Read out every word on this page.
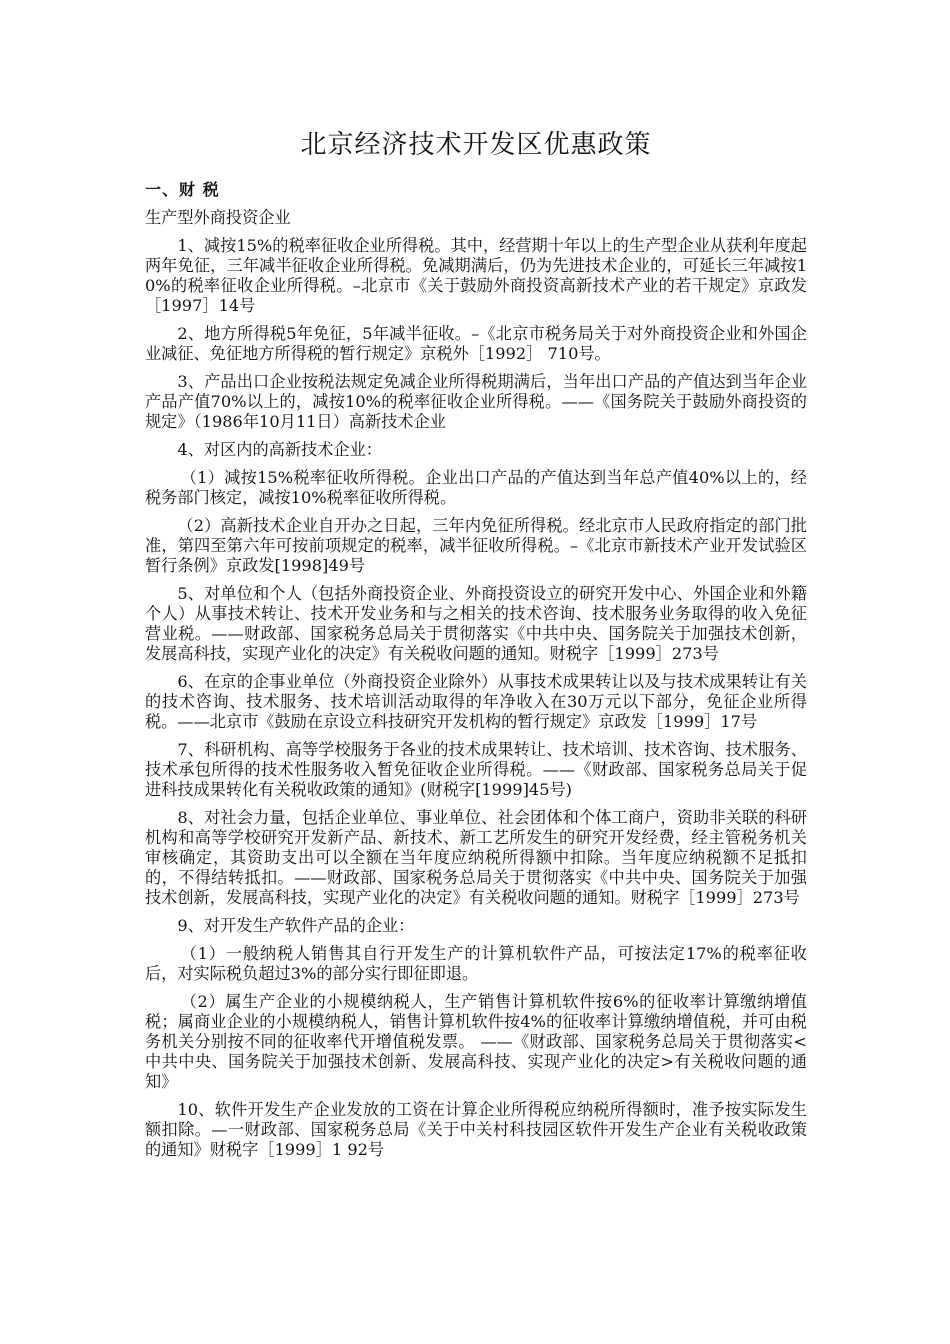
北京经济技术开发区优惠政策
一、财 税
生产型外商投资企业

1、减按15%的税率征收企业所得税。其中，经营期十年以上的生产型企业从获利年度起两年免征，三年减半征收企业所得税。免减期满后，仍为先进技术企业的，可延长三年减按10%的税率征收企业所得税。–北京市《关于鼓励外商投资高新技术产业的若干规定》京政发［1997］14号

2、地方所得税5年免征，5年减半征收。–《北京市税务局关于对外商投资企业和外国企业减征、免征地方所得税的暂行规定》京税外［1992］ 710号。

3、产品出口企业按税法规定免减企业所得税期满后，当年出口产品的产值达到当年企业产品产值70%以上的，减按10%的税率征收企业所得税。——《国务院关于鼓励外商投资的规定》（1986年10月11日）高新技术企业

4、对区内的高新技术企业：

（1）减按15%税率征收所得税。企业出口产品的产值达到当年总产值40%以上的，经税务部门核定，减按10%税率征收所得税。

（2）高新技术企业自开办之日起，三年内免征所得税。经北京市人民政府指定的部门批准，第四至第六年可按前项规定的税率，减半征收所得税。–《北京市新技术产业开发试验区暂行条例》京政发[1998]49号

5、对单位和个人（包括外商投资企业、外商投资设立的研究开发中心、外国企业和外籍个人）从事技术转让、技术开发业务和与之相关的技术咨询、技术服务业务取得的收入免征营业税。——财政部、国家税务总局关于贯彻落实《中共中央、国务院关于加强技术创新，发展高科技，实现产业化的决定》有关税收问题的通知。财税字［1999］273号

6、在京的企事业单位（外商投资企业除外）从事技术成果转让以及与技术成果转让有关的技术咨询、技术服务、技术培训活动取得的年净收入在30万元以下部分，免征企业所得税。——北京市《鼓励在京设立科技研究开发机构的暂行规定》京政发［1999］17号

7、科研机构、高等学校服务于各业的技术成果转让、技术培训、技术咨询、技术服务、技术承包所得的技术性服务收入暂免征收企业所得税。——《财政部、国家税务总局关于促进科技成果转化有关税收政策的通知》(财税字[1999]45号)

8、对社会力量，包括企业单位、事业单位、社会团体和个体工商户，资助非关联的科研机构和高等学校研究开发新产品、新技术、新工艺所发生的研究开发经费，经主管税务机关审核确定，其资助支出可以全额在当年度应纳税所得额中扣除。当年度应纳税额不足抵扣的，不得结转抵扣。——财政部、国家税务总局关于贯彻落实《中共中央、国务院关于加强技术创新，发展高科技，实现产业化的决定》有关税收问题的通知。财税字［1999］273号

9、对开发生产软件产品的企业：

（1）一般纳税人销售其自行开发生产的计算机软件产品，可按法定17%的税率征收后，对实际税负超过3%的部分实行即征即退。

（2）属生产企业的小规模纳税人，生产销售计算机软件按6%的征收率计算缴纳增值税；属商业企业的小规模纳税人，销售计算机软件按4%的征收率计算缴纳增值税，并可由税务机关分别按不同的征收率代开增值税发票。 ——《财政部、国家税务总局关于贯彻落实<中共中央、国务院关于加强技术创新、发展高科技、实现产业化的决定>有关税收问题的通知》

10、软件开发生产企业发放的工资在计算企业所得税应纳税所得额时，准予按实际发生额扣除。—一财政部、国家税务总局《关于中关村科技园区软件开发生产企业有关税收政策的通知》财税字［1999］1 92号
